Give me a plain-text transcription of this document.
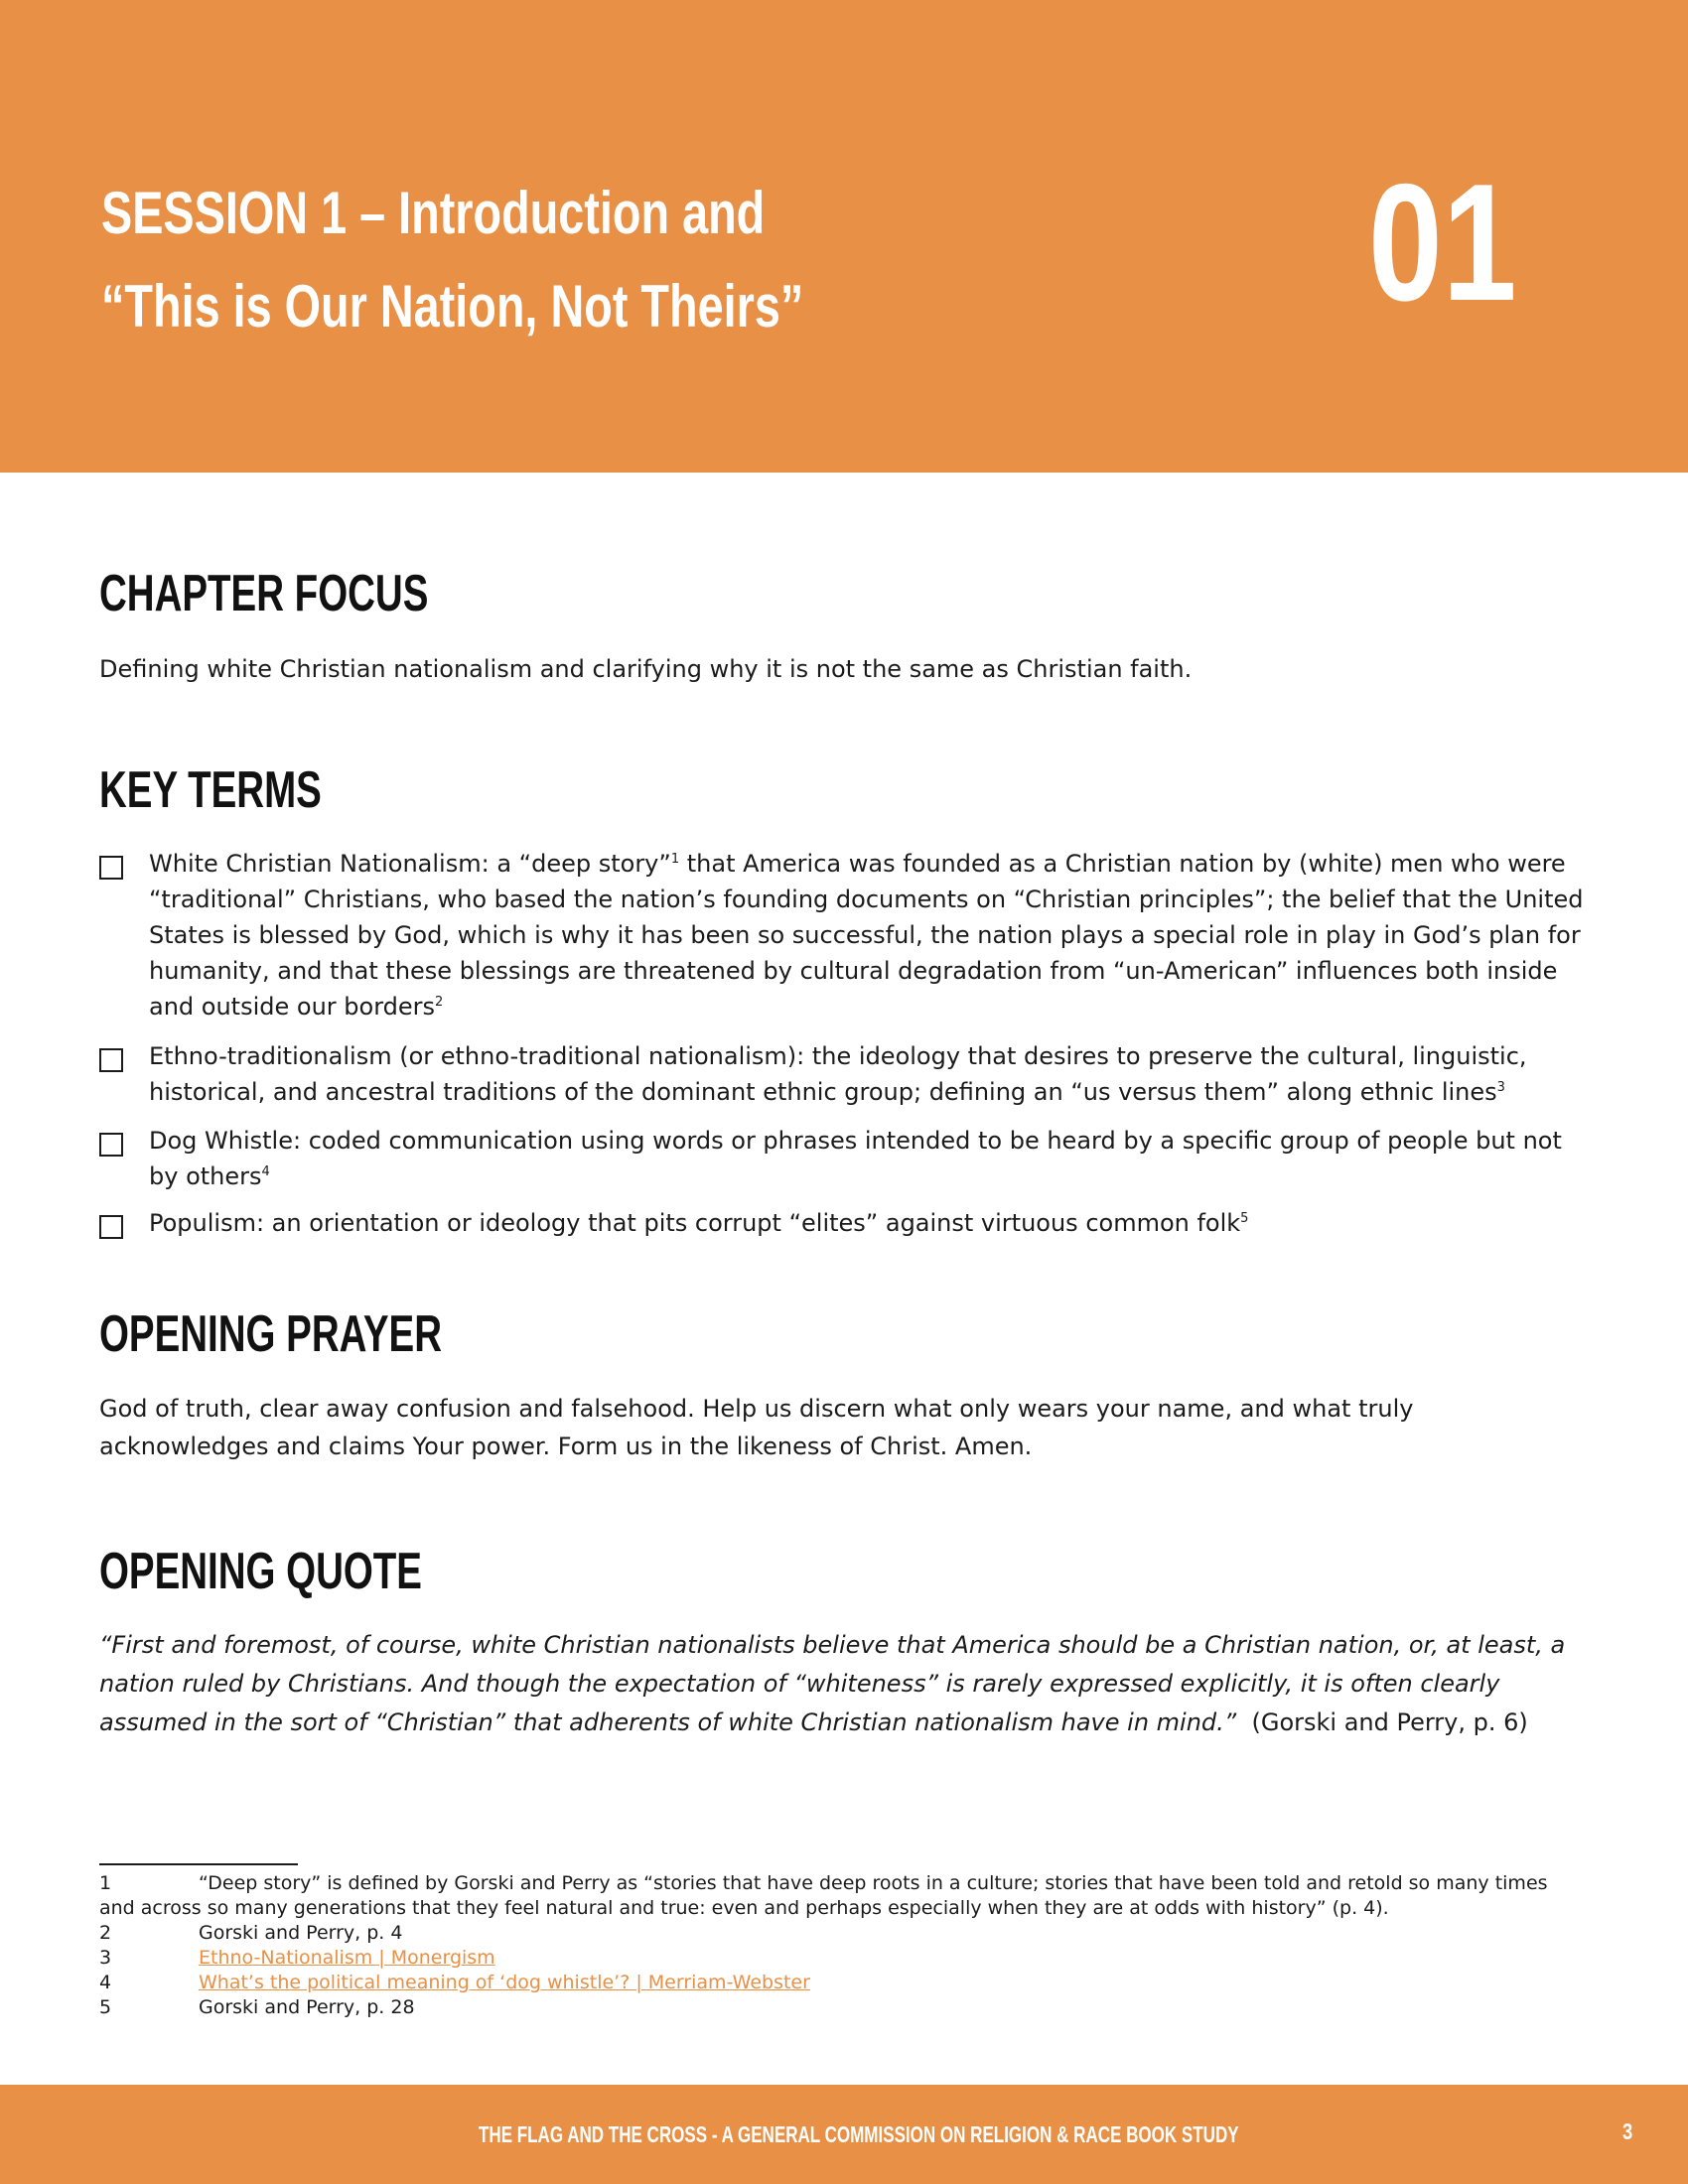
SESSION 1 – Introduction and
“This is Our Nation, Not Theirs”	01
CHAPTER FOCUS

Defining white Christian nationalism and clarifying why it is not the same as Christian faith.

KEY TERMS

White Christian Nationalism: a “deep story”$^1$ that America was founded as a Christian nation by (white) men who were “traditional” Christians, who based the nation’s founding documents on “Christian principles”; the belief that the United States is blessed by God, which is why it has been so successful, the nation plays a special role in play in God’s plan for humanity, and that these blessings are threatened by cultural degradation from “un-American” influences both inside and outside our borders$^2$

Ethno-traditionalism (or ethno-traditional nationalism): the ideology that desires to preserve the cultural, linguistic, historical, and ancestral traditions of the dominant ethnic group; defining an “us versus them” along ethnic lines$^3$

Dog Whistle: coded communication using words or phrases intended to be heard by a specific group of people but not by others$^4$

Populism: an orientation or ideology that pits corrupt “elites” against virtuous common folk$^5$

OPENING PRAYER

God of truth, clear away confusion and falsehood. Help us discern what only wears your name, and what truly acknowledges and claims Your power. Form us in the likeness of Christ. Amen.

OPENING QUOTE

“First and foremost, of course, white Christian nationalists believe that America should be a Christian nation, or, at least, a nation ruled by Christians. And though the expectation of “whiteness” is rarely expressed explicitly, it is often clearly assumed in the sort of “Christian” that adherents of white Christian nationalism have in mind.” (Gorski and Perry, p. 6)

1	“Deep story” is defined by Gorski and Perry as “stories that have deep roots in a culture; stories that have been told and retold so many times and across so many generations that they feel natural and true: even and perhaps especially when they are at odds with history” (p. 4).
2	Gorski and Perry, p. 4
3	Ethno-Nationalism | Monergism
4	What’s the political meaning of ‘dog whistle’? | Merriam-Webster
5	Gorski and Perry, p. 28
THE FLAG AND THE CROSS - A GENERAL COMMISSION ON RELIGION & RACE BOOK STUDY	3
